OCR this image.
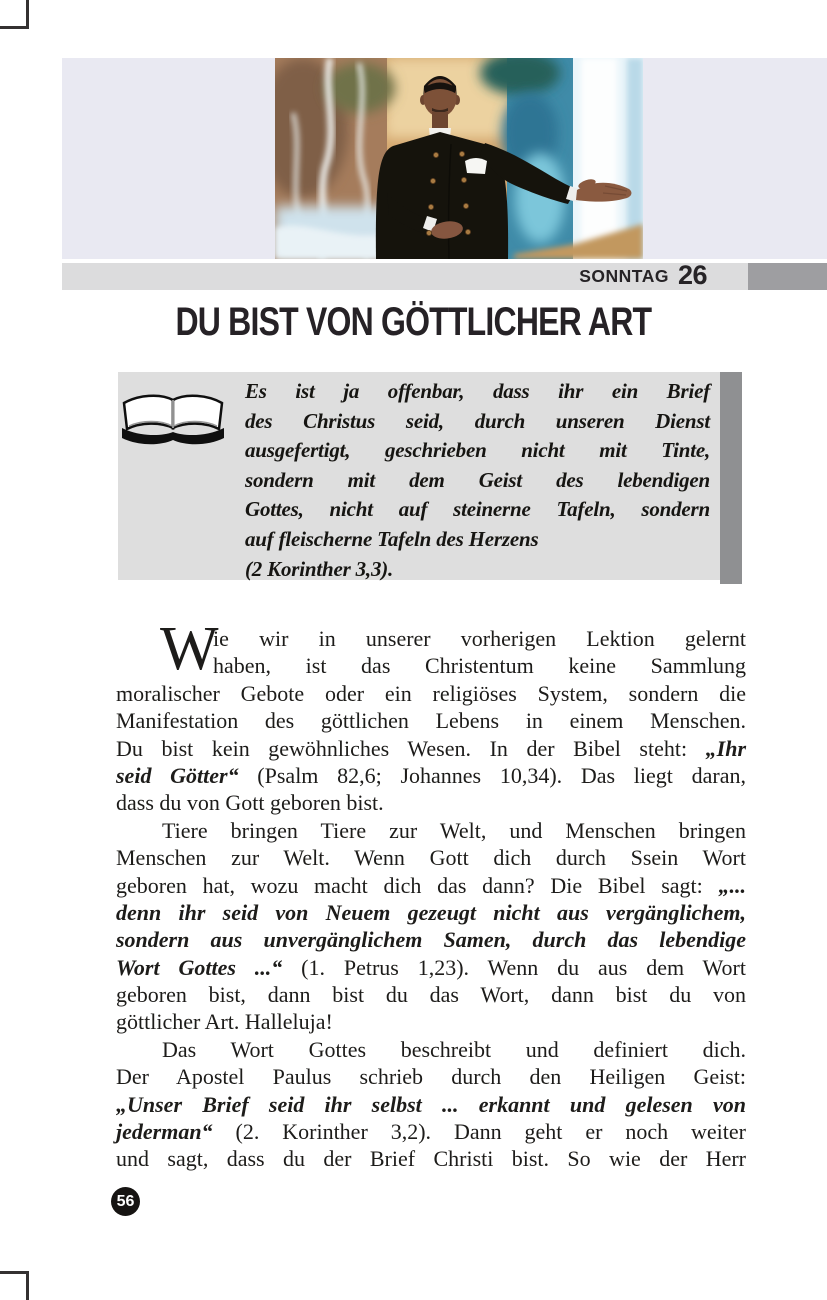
SONNTAG 26
DU BIST VON GÖTTLICHER ART
Es ist ja offenbar, dass ihr ein Brief
des Christus seid, durch unseren Dienst
ausgefertigt, geschrieben nicht mit Tinte,
sondern mit dem Geist des lebendigen
Gottes, nicht auf steinerne Tafeln, sondern
auf fleischerne Tafeln des Herzens
(2 Korinther 3,3).
W
ie wir in unserer vorherigen Lektion gelernt
haben, ist das Christentum keine Sammlung
moralischer Gebote oder ein religiöses System, sondern die
Manifestation des göttlichen Lebens in einem Menschen.
Du bist kein gewöhnliches Wesen. In der Bibel steht: „Ihr
seid Götter“ (Psalm 82,6; Johannes 10,34). Das liegt daran,
dass du von Gott geboren bist.
Tiere bringen Tiere zur Welt, und Menschen bringen
Menschen zur Welt. Wenn Gott dich durch Ssein Wort
geboren hat, wozu macht dich das dann? Die Bibel sagt: „...
denn ihr seid von Neuem gezeugt nicht aus vergänglichem,
sondern aus unvergänglichem Samen, durch das lebendige
Wort Gottes ...“ (1. Petrus 1,23). Wenn du aus dem Wort
geboren bist, dann bist du das Wort, dann bist du von
göttlicher Art. Halleluja!
Das Wort Gottes beschreibt und definiert dich.
Der Apostel Paulus schrieb durch den Heiligen Geist:
„Unser Brief seid ihr selbst ... erkannt und gelesen von
jederman“ (2. Korinther 3,2). Dann geht er noch weiter
und sagt, dass du der Brief Christi bist. So wie der Herr
56
